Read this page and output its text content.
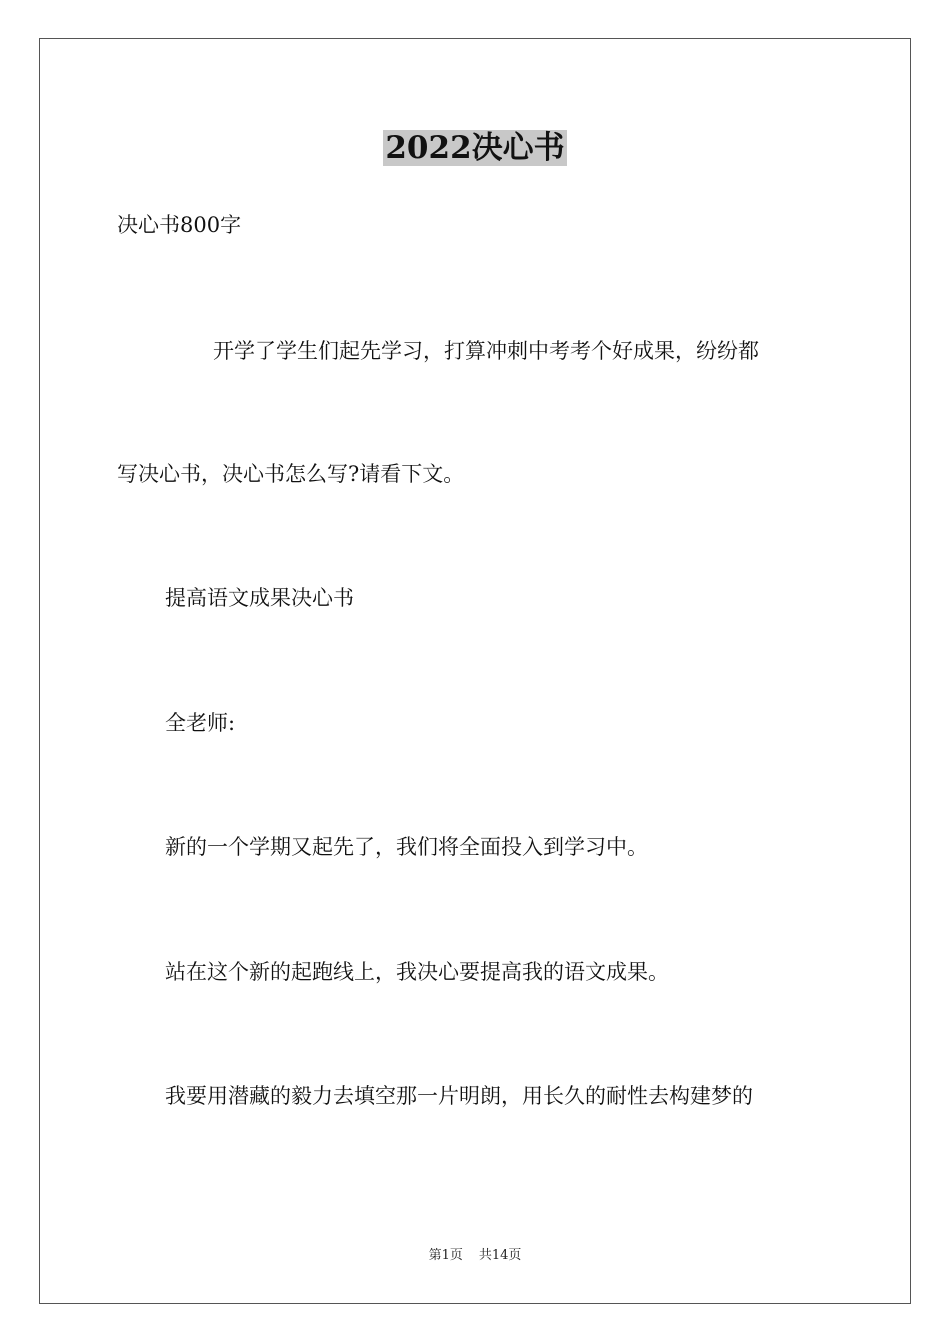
2022决心书
决心书800字
开学了学生们起先学习，打算冲刺中考考个好成果，纷纷都
写决心书，决心书怎么写?请看下文。
提高语文成果决心书
全老师:
新的一个学期又起先了，我们将全面投入到学习中。
站在这个新的起跑线上，我决心要提高我的语文成果。
我要用潜藏的毅力去填空那一片明朗，用长久的耐性去构建梦的
第1页 共14页
